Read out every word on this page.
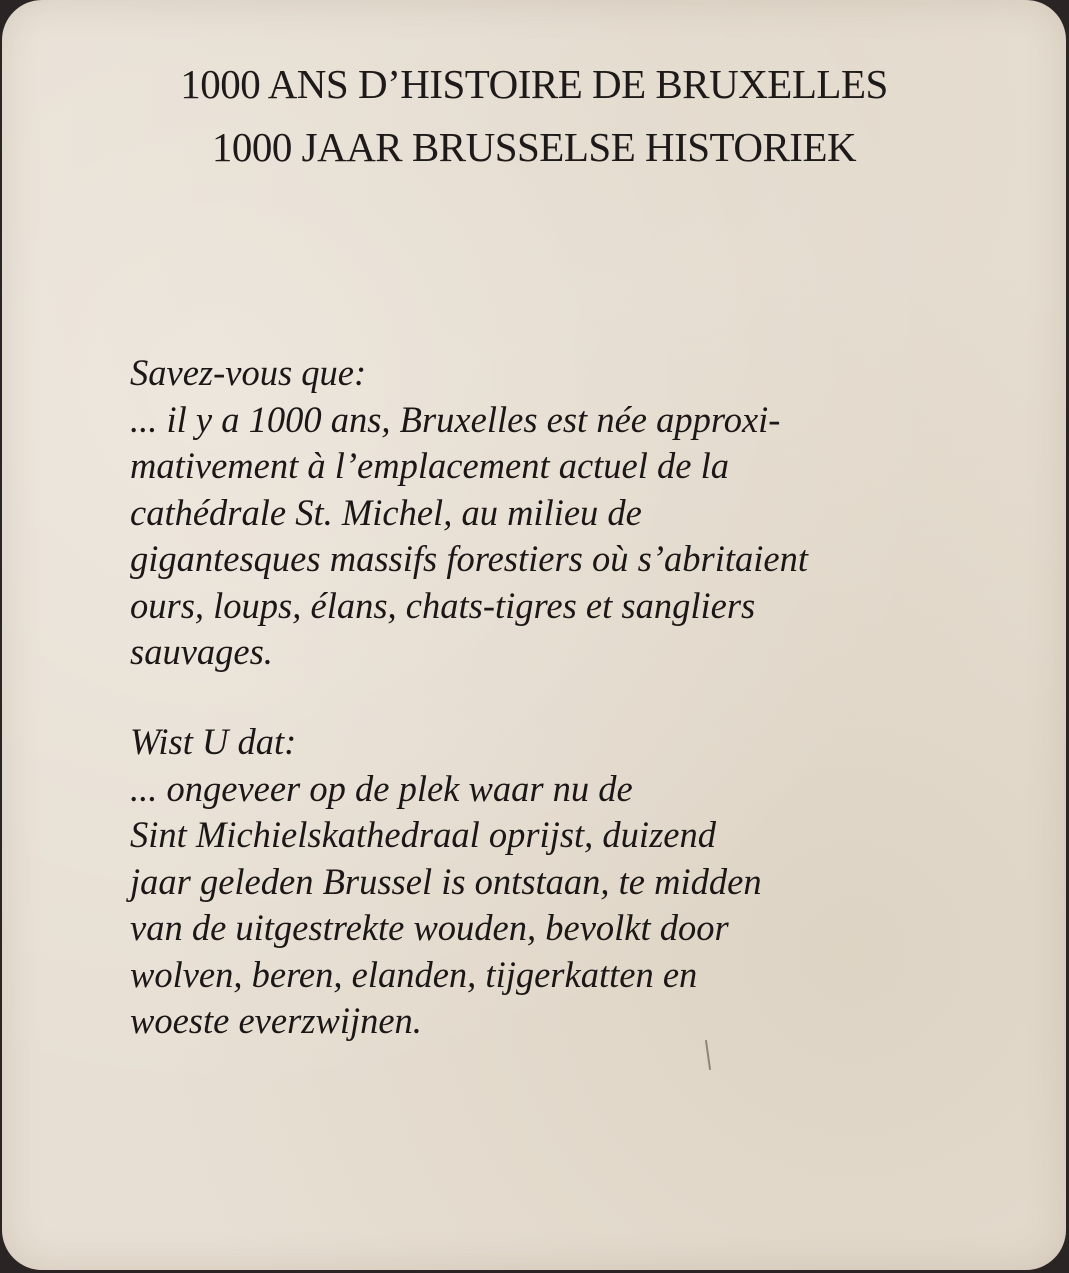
1000 ANS D’HISTOIRE DE BRUXELLES
1000 JAAR BRUSSELSE HISTORIEK
Savez-vous que:
... il y a 1000 ans, Bruxelles est née approxi-
mativement à l’emplacement actuel de la
cathédrale St. Michel, au milieu de
gigantesques massifs forestiers où s’abritaient
ours, loups, élans, chats-tigres et sangliers
sauvages.
Wist U dat:
... ongeveer op de plek waar nu de
Sint Michielskathedraal oprijst, duizend
jaar geleden Brussel is ontstaan, te midden
van de uitgestrekte wouden, bevolkt door
wolven, beren, elanden, tijgerkatten en
woeste everzwijnen.
